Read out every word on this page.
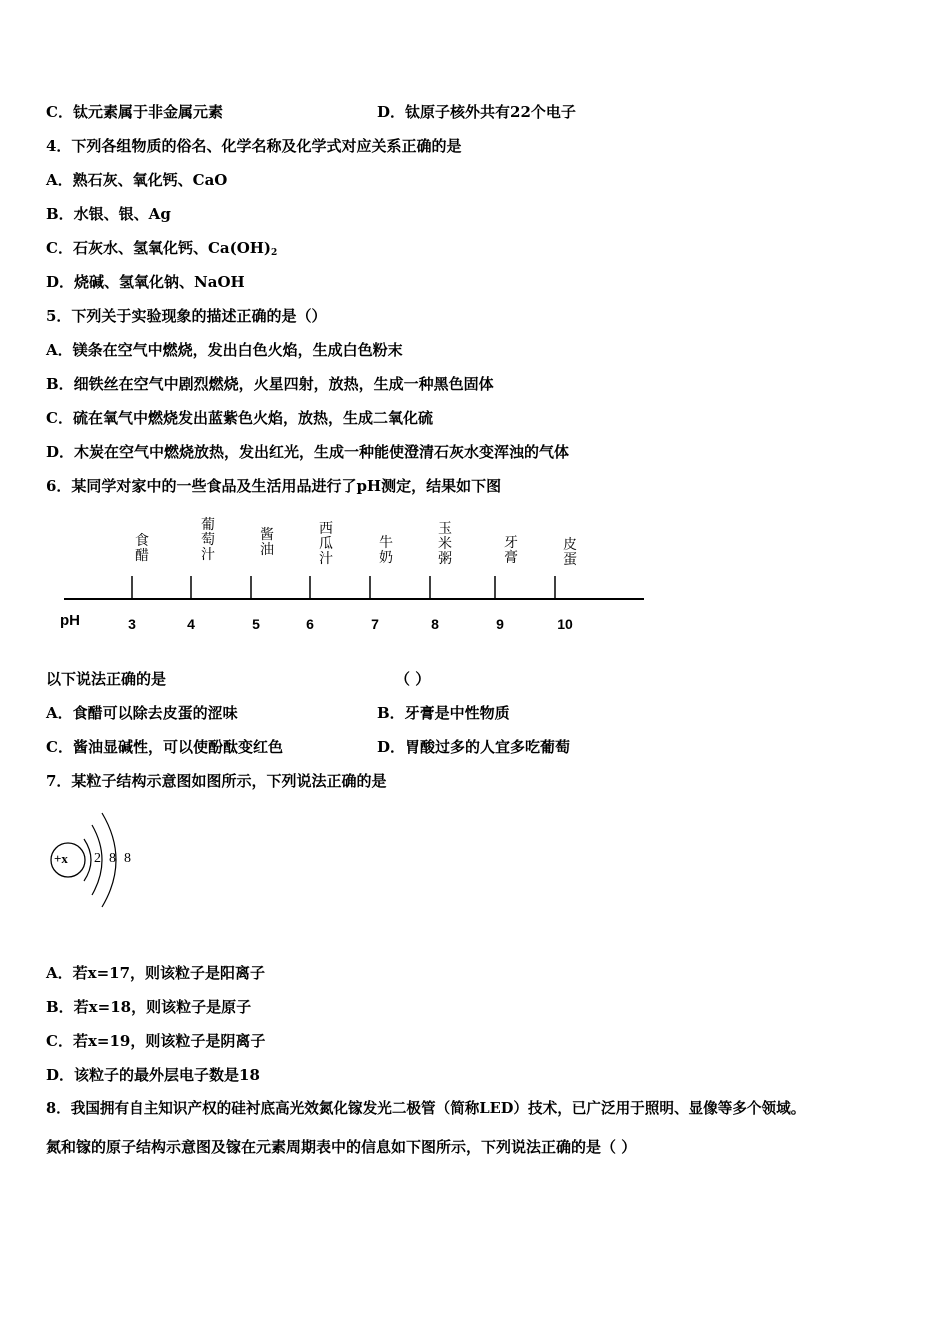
C．钛元素属于非金属元素	D．钛原子核外共有22个电子
4．下列各组物质的俗名、化学名称及化学式对应关系正确的是
A．熟石灰、氧化钙、CaO
B．水银、银、Ag
C．石灰水、氢氧化钙、$Ca(OH)_2$
D．烧碱、氢氧化钠、NaOH
5．下列关于实验现象的描述正确的是（）
A．镁条在空气中燃烧，发出白色火焰，生成白色粉末
B．细铁丝在空气中剧烈燃烧，火星四射，放热，生成一种黑色固体
C．硫在氧气中燃烧发出蓝紫色火焰，放热，生成二氧化硫
D．木炭在空气中燃烧放热，发出红光，生成一种能使澄清石灰水变浑浊的气体
6．某同学对家中的一些食品及生活用品进行了pH测定，结果如下图
pH
食醋
葡萄汁
酱油
西瓜汁
牛奶
玉米粥
牙膏
皮蛋
3	4	5	6	7	8	9	10
以下说法正确的是	（ ）
A．食醋可以除去皮蛋的涩味	B．牙膏是中性物质
C．酱油显碱性，可以使酚酞变红色	D．胃酸过多的人宜多吃葡萄
7．某粒子结构示意图如图所示，下列说法正确的是
+x 2 8 8
A．若x=17，则该粒子是阳离子
B．若x=18，则该粒子是原子
C．若x=19，则该粒子是阴离子
D．该粒子的最外层电子数是18
8．我国拥有自主知识产权的硅衬底高光效氮化镓发光二极管（简称LED）技术，已广泛用于照明、显像等多个领域。
氮和镓的原子结构示意图及镓在元素周期表中的信息如下图所示，下列说法正确的是（ ）
